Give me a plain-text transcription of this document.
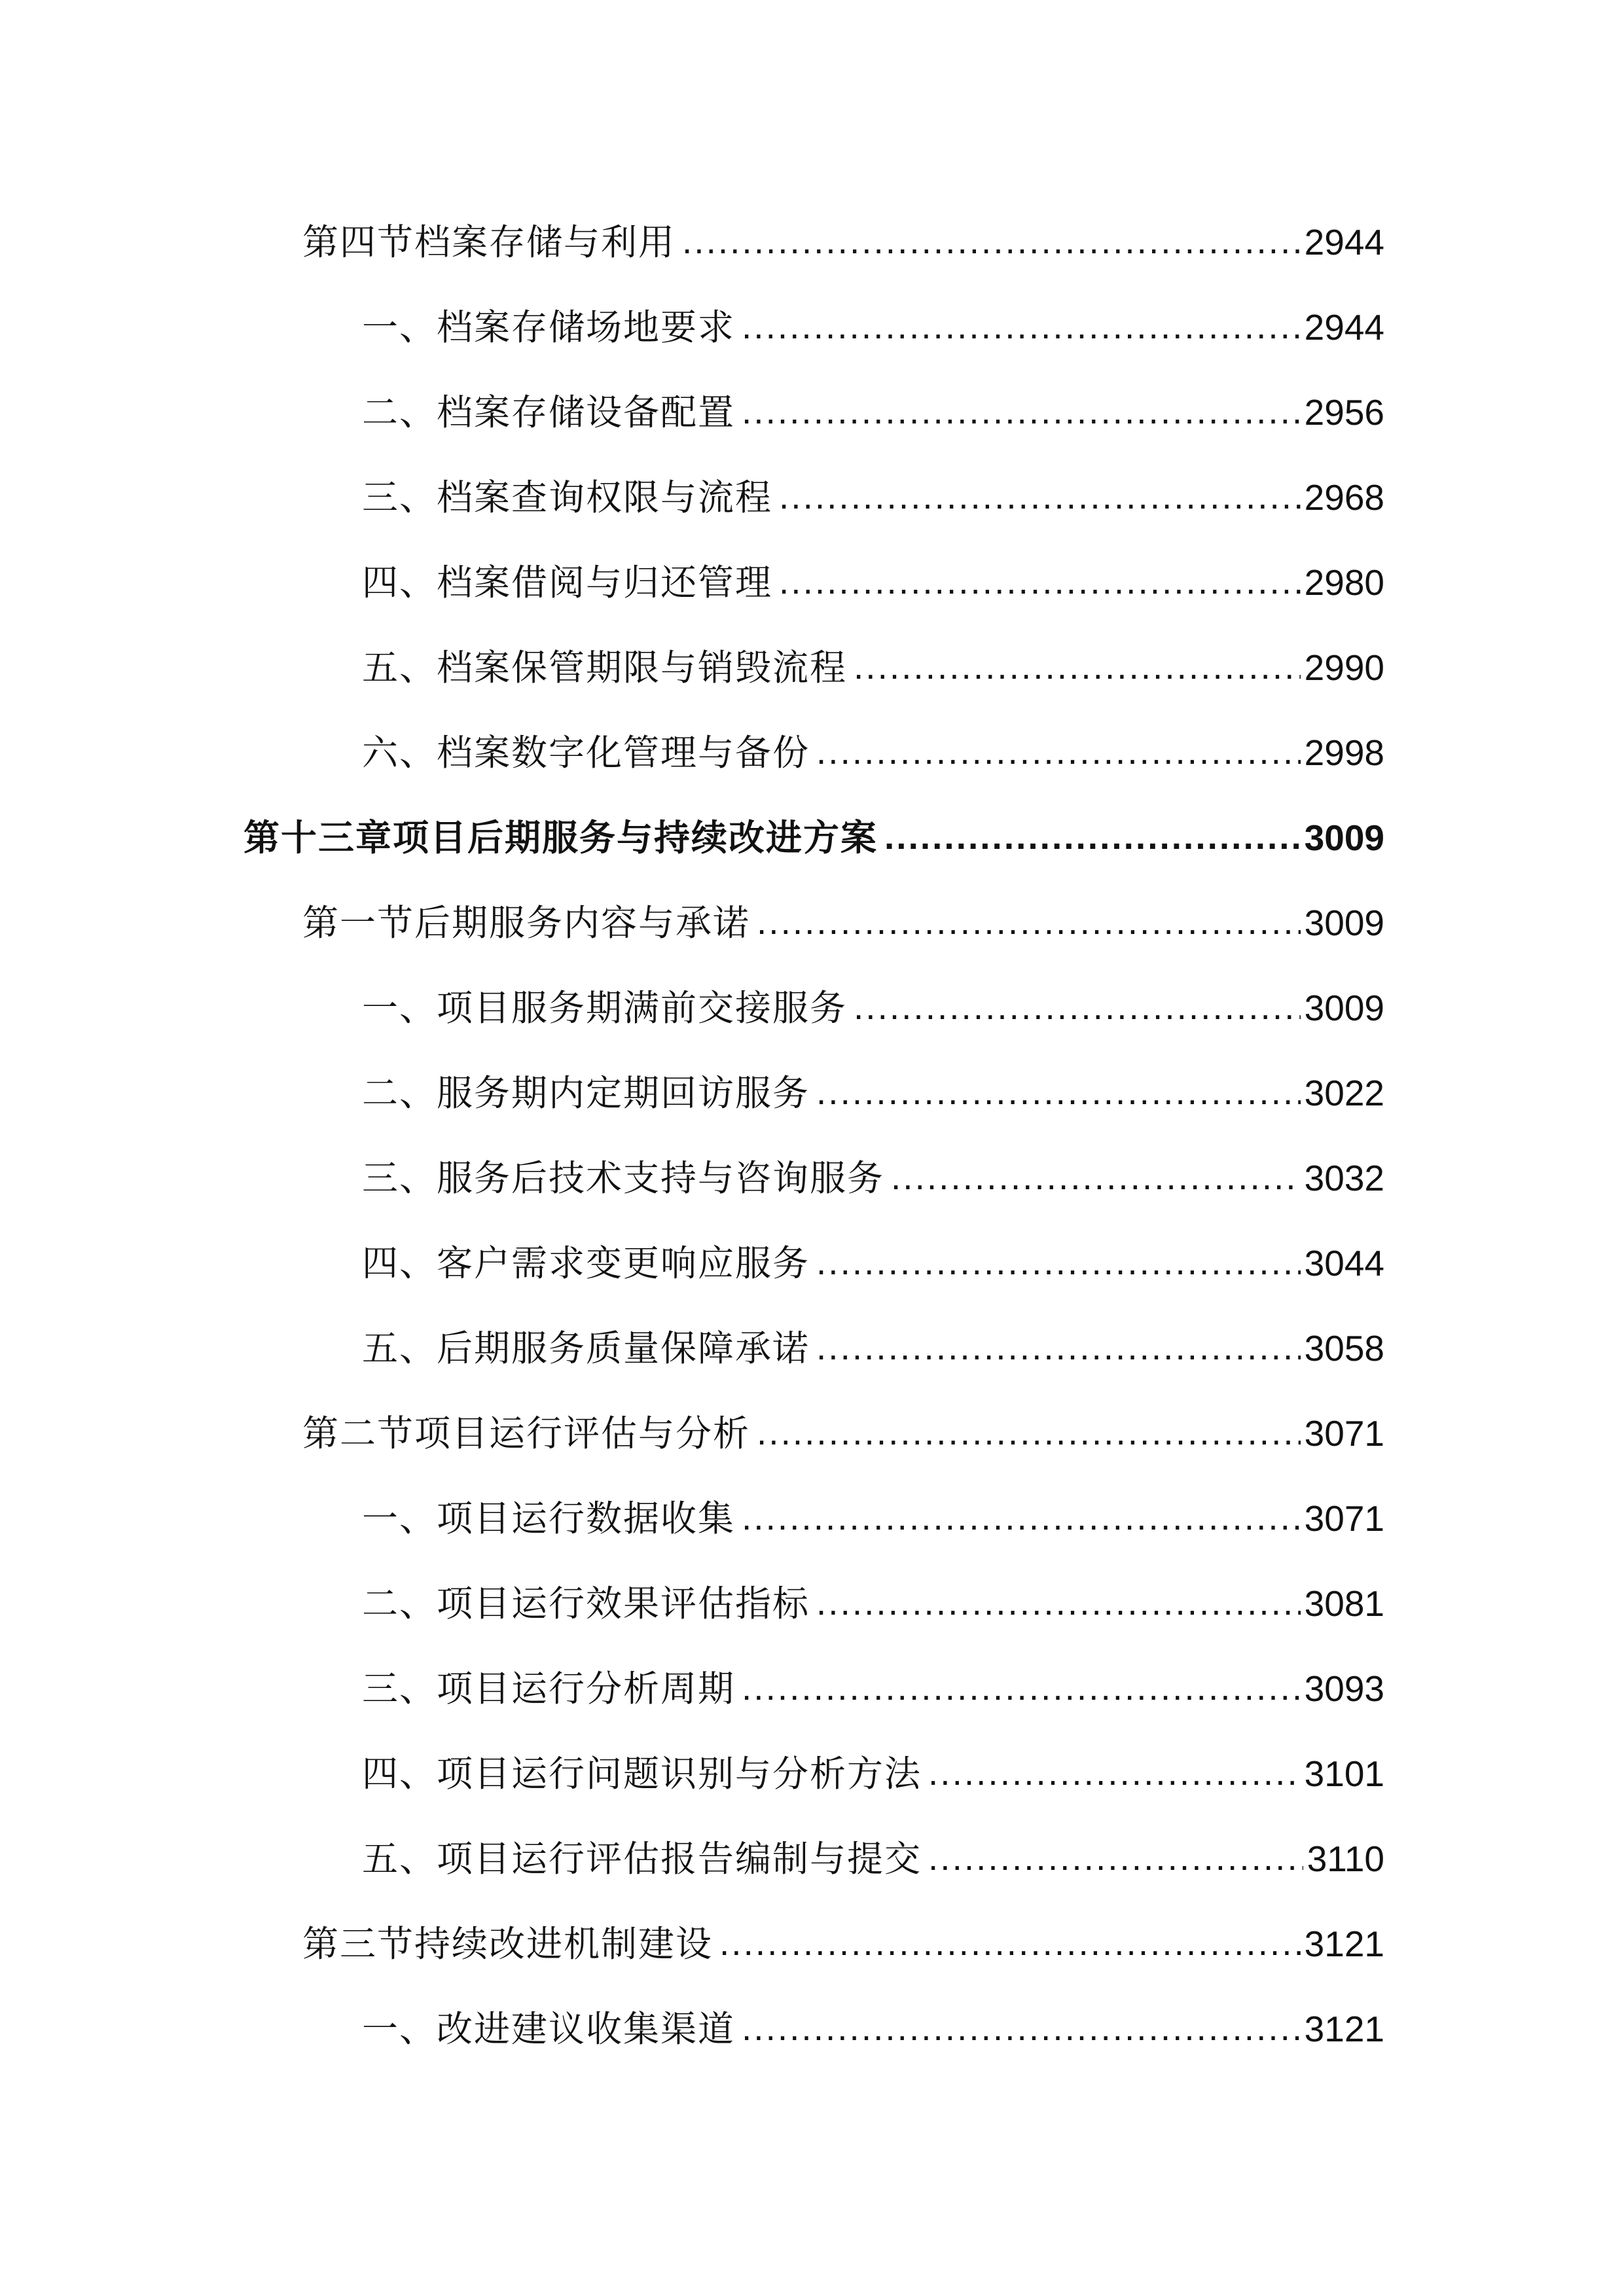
第四节档案存储与利用 .....	2944
一、档案存储场地要求 .....	2944
二、档案存储设备配置 .....	2956
三、档案查询权限与流程 .....	2968
四、档案借阅与归还管理 .....	2980
五、档案保管期限与销毁流程 .....	2990
六、档案数字化管理与备份 .....	2998
第十三章项目后期服务与持续改进方案 .....	3009
第一节后期服务内容与承诺 .....	3009
一、项目服务期满前交接服务 .....	3009
二、服务期内定期回访服务 .....	3022
三、服务后技术支持与咨询服务 .....	3032
四、客户需求变更响应服务 .....	3044
五、后期服务质量保障承诺 .....	3058
第二节项目运行评估与分析 .....	3071
一、项目运行数据收集 .....	3071
二、项目运行效果评估指标 .....	3081
三、项目运行分析周期 .....	3093
四、项目运行问题识别与分析方法 .....	3101
五、项目运行评估报告编制与提交 .....	3110
第三节持续改进机制建设 .....	3121
一、改进建议收集渠道 .....	3121
